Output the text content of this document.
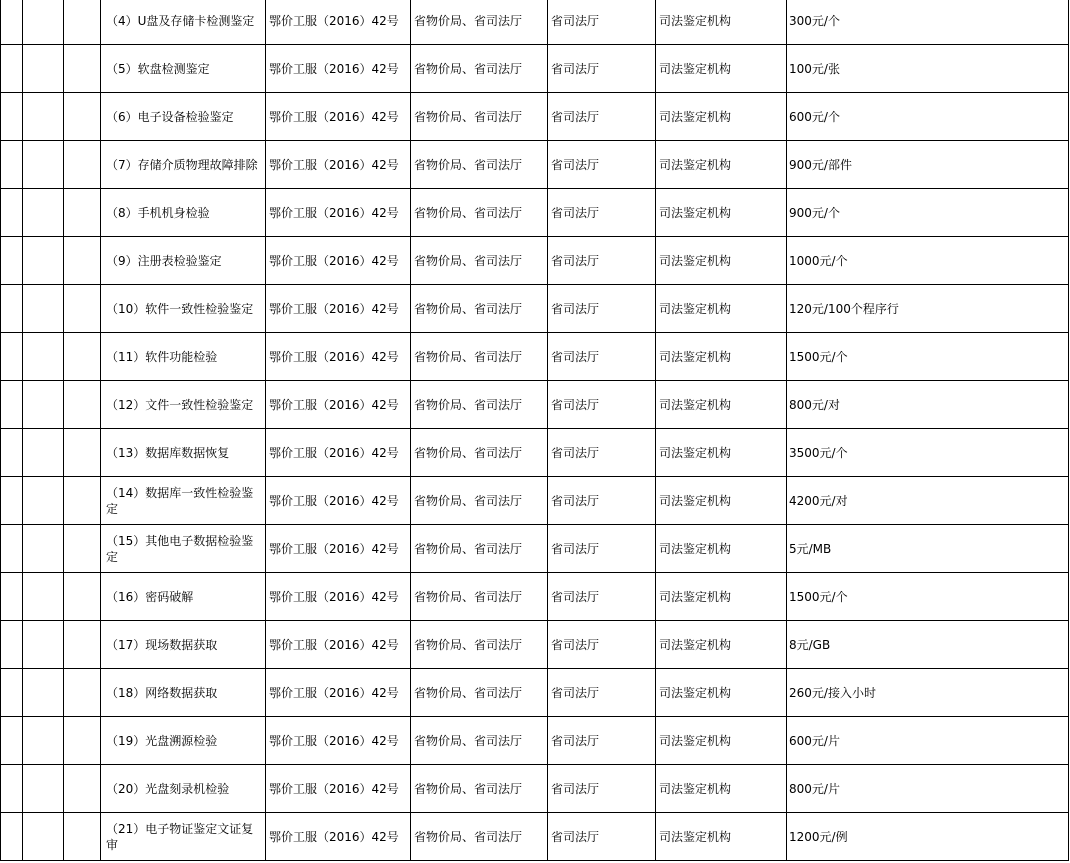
			（4）U盘及存储卡检测鉴定	鄂价工服（2016）42号	省物价局、省司法厅	省司法厅	司法鉴定机构	300元/个
			（5）软盘检测鉴定	鄂价工服（2016）42号	省物价局、省司法厅	省司法厅	司法鉴定机构	100元/张
			（6）电子设备检验鉴定	鄂价工服（2016）42号	省物价局、省司法厅	省司法厅	司法鉴定机构	600元/个
			（7）存储介质物理故障排除	鄂价工服（2016）42号	省物价局、省司法厅	省司法厅	司法鉴定机构	900元/部件
			（8）手机机身检验	鄂价工服（2016）42号	省物价局、省司法厅	省司法厅	司法鉴定机构	900元/个
			（9）注册表检验鉴定	鄂价工服（2016）42号	省物价局、省司法厅	省司法厅	司法鉴定机构	1000元/个
			（10）软件一致性检验鉴定	鄂价工服（2016）42号	省物价局、省司法厅	省司法厅	司法鉴定机构	120元/100个程序行
			（11）软件功能检验	鄂价工服（2016）42号	省物价局、省司法厅	省司法厅	司法鉴定机构	1500元/个
			（12）文件一致性检验鉴定	鄂价工服（2016）42号	省物价局、省司法厅	省司法厅	司法鉴定机构	800元/对
			（13）数据库数据恢复	鄂价工服（2016）42号	省物价局、省司法厅	省司法厅	司法鉴定机构	3500元/个
			（14）数据库一致性检验鉴定	鄂价工服（2016）42号	省物价局、省司法厅	省司法厅	司法鉴定机构	4200元/对
			（15）其他电子数据检验鉴定	鄂价工服（2016）42号	省物价局、省司法厅	省司法厅	司法鉴定机构	5元/MB
			（16）密码破解	鄂价工服（2016）42号	省物价局、省司法厅	省司法厅	司法鉴定机构	1500元/个
			（17）现场数据获取	鄂价工服（2016）42号	省物价局、省司法厅	省司法厅	司法鉴定机构	8元/GB
			（18）网络数据获取	鄂价工服（2016）42号	省物价局、省司法厅	省司法厅	司法鉴定机构	260元/接入小时
			（19）光盘溯源检验	鄂价工服（2016）42号	省物价局、省司法厅	省司法厅	司法鉴定机构	600元/片
			（20）光盘刻录机检验	鄂价工服（2016）42号	省物价局、省司法厅	省司法厅	司法鉴定机构	800元/片
			（21）电子物证鉴定文证复审	鄂价工服（2016）42号	省物价局、省司法厅	省司法厅	司法鉴定机构	1200元/例
